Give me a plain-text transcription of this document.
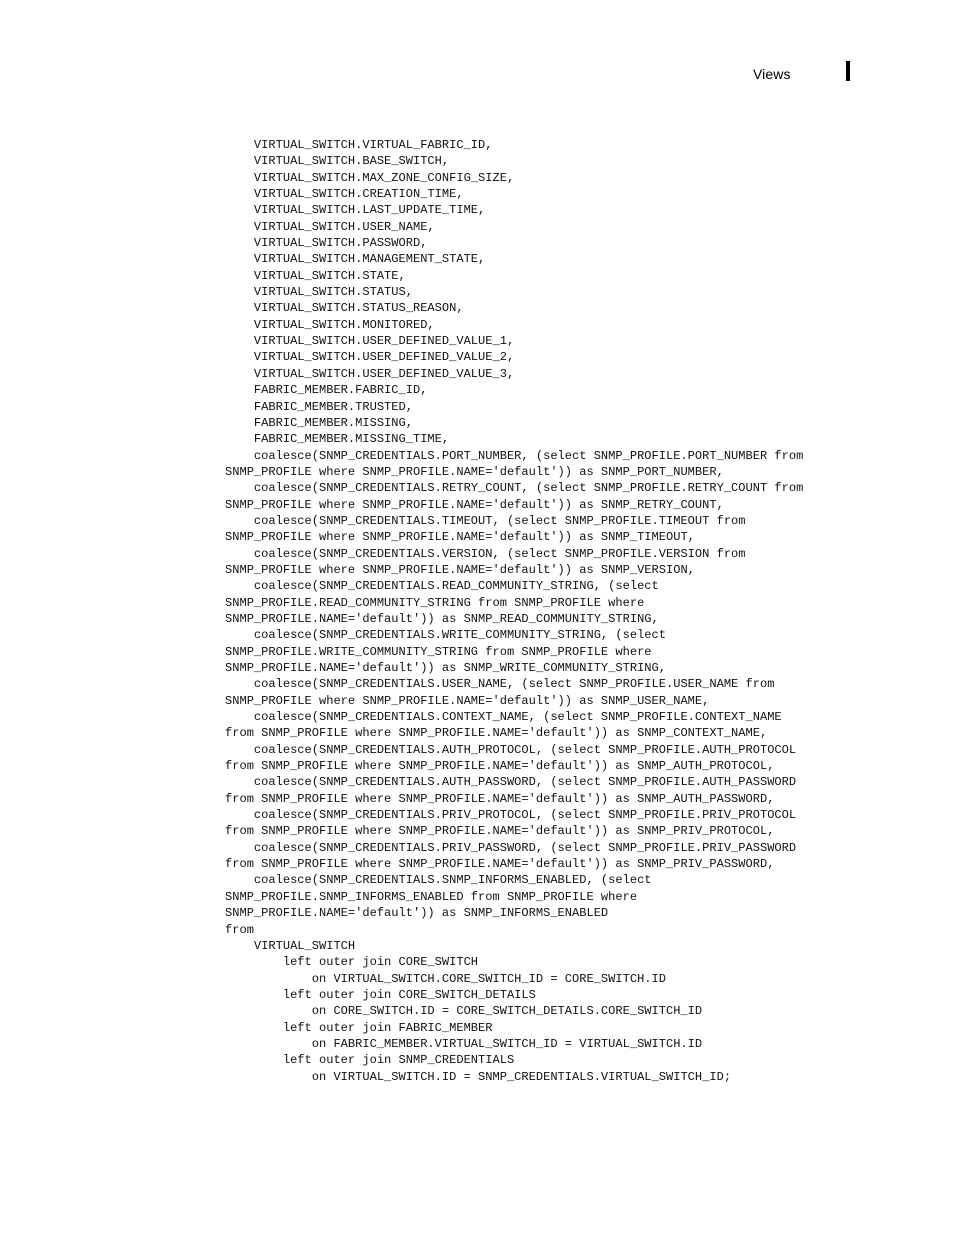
Views
VIRTUAL_SWITCH.VIRTUAL_FABRIC_ID,
VIRTUAL_SWITCH.BASE_SWITCH,
VIRTUAL_SWITCH.MAX_ZONE_CONFIG_SIZE,
VIRTUAL_SWITCH.CREATION_TIME,
VIRTUAL_SWITCH.LAST_UPDATE_TIME,
VIRTUAL_SWITCH.USER_NAME,
VIRTUAL_SWITCH.PASSWORD,
VIRTUAL_SWITCH.MANAGEMENT_STATE,
VIRTUAL_SWITCH.STATE,
VIRTUAL_SWITCH.STATUS,
VIRTUAL_SWITCH.STATUS_REASON,
VIRTUAL_SWITCH.MONITORED,
VIRTUAL_SWITCH.USER_DEFINED_VALUE_1,
VIRTUAL_SWITCH.USER_DEFINED_VALUE_2,
VIRTUAL_SWITCH.USER_DEFINED_VALUE_3,
FABRIC_MEMBER.FABRIC_ID,
FABRIC_MEMBER.TRUSTED,
FABRIC_MEMBER.MISSING,
FABRIC_MEMBER.MISSING_TIME,
coalesce(SNMP_CREDENTIALS.PORT_NUMBER, (select SNMP_PROFILE.PORT_NUMBER from
SNMP_PROFILE where SNMP_PROFILE.NAME='default')) as SNMP_PORT_NUMBER,
coalesce(SNMP_CREDENTIALS.RETRY_COUNT, (select SNMP_PROFILE.RETRY_COUNT from
SNMP_PROFILE where SNMP_PROFILE.NAME='default')) as SNMP_RETRY_COUNT,
coalesce(SNMP_CREDENTIALS.TIMEOUT, (select SNMP_PROFILE.TIMEOUT from
SNMP_PROFILE where SNMP_PROFILE.NAME='default')) as SNMP_TIMEOUT,
coalesce(SNMP_CREDENTIALS.VERSION, (select SNMP_PROFILE.VERSION from
SNMP_PROFILE where SNMP_PROFILE.NAME='default')) as SNMP_VERSION,
coalesce(SNMP_CREDENTIALS.READ_COMMUNITY_STRING, (select
SNMP_PROFILE.READ_COMMUNITY_STRING from SNMP_PROFILE where
SNMP_PROFILE.NAME='default')) as SNMP_READ_COMMUNITY_STRING,
coalesce(SNMP_CREDENTIALS.WRITE_COMMUNITY_STRING, (select
SNMP_PROFILE.WRITE_COMMUNITY_STRING from SNMP_PROFILE where
SNMP_PROFILE.NAME='default')) as SNMP_WRITE_COMMUNITY_STRING,
coalesce(SNMP_CREDENTIALS.USER_NAME, (select SNMP_PROFILE.USER_NAME from
SNMP_PROFILE where SNMP_PROFILE.NAME='default')) as SNMP_USER_NAME,
coalesce(SNMP_CREDENTIALS.CONTEXT_NAME, (select SNMP_PROFILE.CONTEXT_NAME
from SNMP_PROFILE where SNMP_PROFILE.NAME='default')) as SNMP_CONTEXT_NAME,
coalesce(SNMP_CREDENTIALS.AUTH_PROTOCOL, (select SNMP_PROFILE.AUTH_PROTOCOL
from SNMP_PROFILE where SNMP_PROFILE.NAME='default')) as SNMP_AUTH_PROTOCOL,
coalesce(SNMP_CREDENTIALS.AUTH_PASSWORD, (select SNMP_PROFILE.AUTH_PASSWORD
from SNMP_PROFILE where SNMP_PROFILE.NAME='default')) as SNMP_AUTH_PASSWORD,
coalesce(SNMP_CREDENTIALS.PRIV_PROTOCOL, (select SNMP_PROFILE.PRIV_PROTOCOL
from SNMP_PROFILE where SNMP_PROFILE.NAME='default')) as SNMP_PRIV_PROTOCOL,
coalesce(SNMP_CREDENTIALS.PRIV_PASSWORD, (select SNMP_PROFILE.PRIV_PASSWORD
from SNMP_PROFILE where SNMP_PROFILE.NAME='default')) as SNMP_PRIV_PASSWORD,
coalesce(SNMP_CREDENTIALS.SNMP_INFORMS_ENABLED, (select
SNMP_PROFILE.SNMP_INFORMS_ENABLED from SNMP_PROFILE where
SNMP_PROFILE.NAME='default')) as SNMP_INFORMS_ENABLED
from
VIRTUAL_SWITCH
left outer join CORE_SWITCH
on VIRTUAL_SWITCH.CORE_SWITCH_ID = CORE_SWITCH.ID
left outer join CORE_SWITCH_DETAILS
on CORE_SWITCH.ID = CORE_SWITCH_DETAILS.CORE_SWITCH_ID
left outer join FABRIC_MEMBER
on FABRIC_MEMBER.VIRTUAL_SWITCH_ID = VIRTUAL_SWITCH.ID
left outer join SNMP_CREDENTIALS
on VIRTUAL_SWITCH.ID = SNMP_CREDENTIALS.VIRTUAL_SWITCH_ID;
